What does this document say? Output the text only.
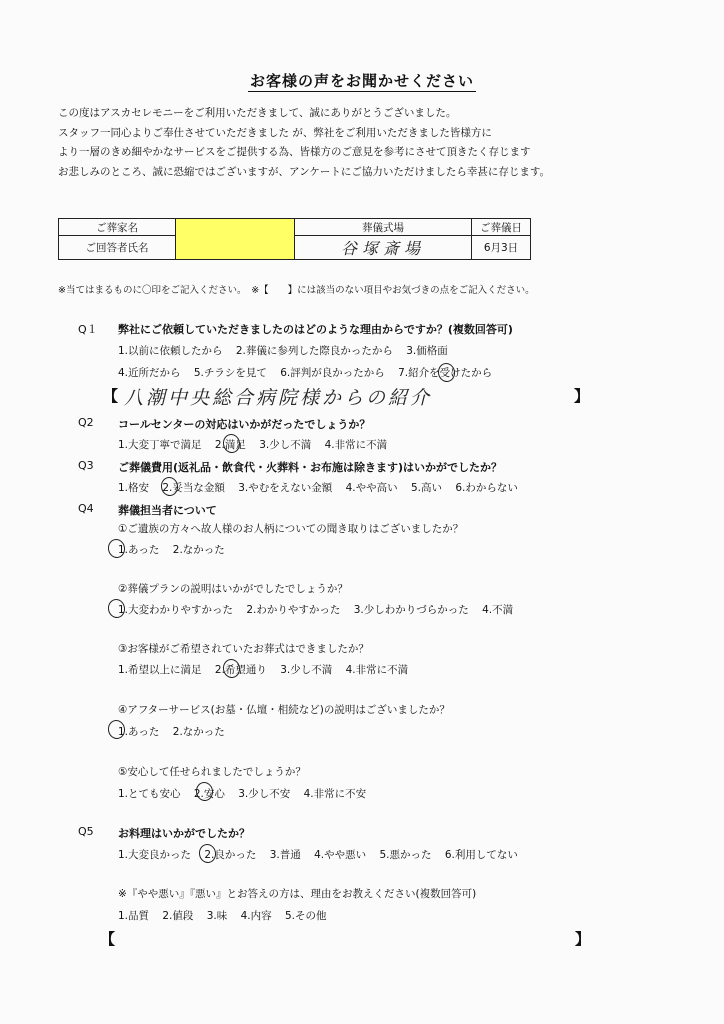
お客様の声をお聞かせください
この度はアスカセレモニーをご利用いただきまして、誠にありがとうございました。
スタッフ一同心よりご奉仕させていただきました が、弊社をご利用いただきました皆様方に
より一層のきめ細やかなサービスをご提供する為、皆様方のご意見を参考にさせて頂きたく存じます
お悲しみのところ、誠に恐縮ではございますが、アンケートにご協力いただけましたら幸甚に存じます。
ご葬家名		葬儀式場	ご葬儀日
ご回答者氏名		谷塚斎場	6月3日
※当てはまるものに〇印をご記入ください。　※【　　】には該当のない項目やお気づきの点をご記入ください。
Q１ 弊社にご依頼していただきましたのはどのような理由からですか？(複数回答可)
1.以前に依頼したから 2.葬儀に参列した際良かったから 3.価格面
4.近所だから 5.チラシを見て 6.評判が良かったから 7.紹介を受けたから
【 八潮中央総合病院様からの紹介	】
Q2 コールセンターの対応はいかがだったでしょうか？
1.大変丁寧で満足 2.満足 3.少し不満 4.非常に不満
Q3 ご葬儀費用(返礼品・飲食代・火葬料・お布施は除きます)はいかがでしたか？
1.格安 2.妥当な金額 3.やむをえない金額 4.やや高い 5.高い 6.わからない
Q4 葬儀担当者について
①ご遺族の方々へ故人様のお人柄についての聞き取りはございましたか？
1.あった 2.なかった
②葬儀プランの説明はいかがでしたでしょうか？
1.大変わかりやすかった 2.わかりやすかった 3.少しわかりづらかった 4.不満
③お客様がご希望されていたお葬式はできましたか？
1.希望以上に満足 2.希望通り 3.少し不満 4.非常に不満
④アフターサービス(お墓・仏壇・相続など)の説明はございましたか？
1.あった 2.なかった
⑤安心して任せられましたでしょうか？
1.とても安心 2.安心 3.少し不安 4.非常に不安
Q5 お料理はいかがでしたか？
1.大変良かった 2.良かった 3.普通 4.やや悪い 5.悪かった 6.利用してない
※『やや悪い』『悪い』とお答えの方は、理由をお教えください(複数回答可)
1.品質 2.値段 3.味 4.内容 5.その他
【	】
